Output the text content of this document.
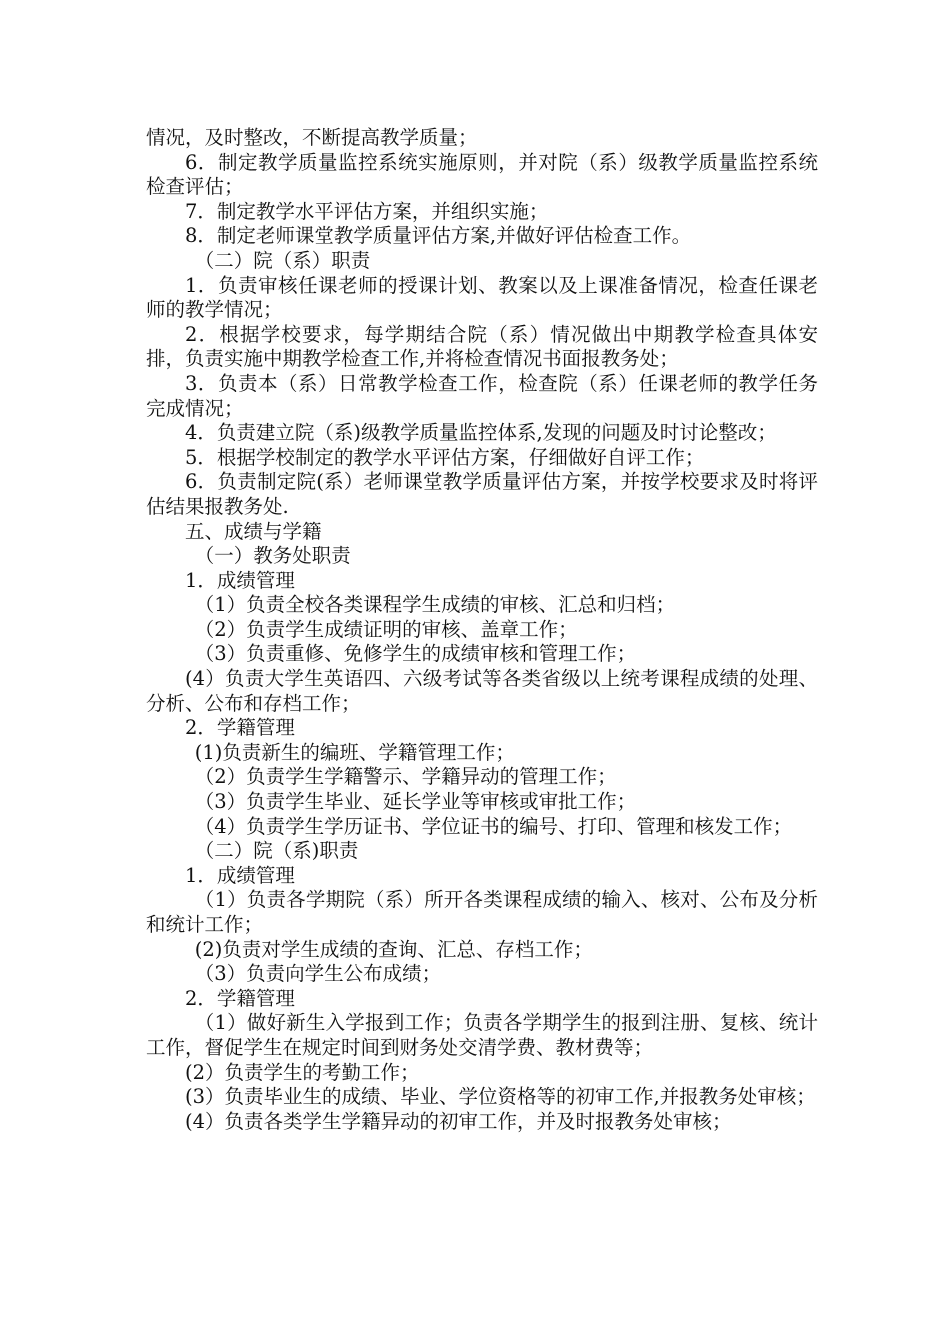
情况，及时整改，不断提高教学质量；

6．制定教学质量监控系统实施原则，并对院（系）级教学质量监控系统检查评估；

7．制定教学水平评估方案，并组织实施；

8．制定老师课堂教学质量评估方案,并做好评估检查工作。

（二）院（系）职责

1．负责审核任课老师的授课计划、教案以及上课准备情况，检查任课老师的教学情况；

2．根据学校要求，每学期结合院（系）情况做出中期教学检查具体安排，负责实施中期教学检查工作,并将检查情况书面报教务处；

3．负责本（系）日常教学检查工作，检查院（系）任课老师的教学任务完成情况；

4．负责建立院（系)级教学质量监控体系,发现的问题及时讨论整改；

5．根据学校制定的教学水平评估方案，仔细做好自评工作；

6．负责制定院(系）老师课堂教学质量评估方案，并按学校要求及时将评估结果报教务处.

五、成绩与学籍

（一）教务处职责

1．成绩管理

（1）负责全校各类课程学生成绩的审核、汇总和归档；

（2）负责学生成绩证明的审核、盖章工作；

（3）负责重修、免修学生的成绩审核和管理工作；

(4）负责大学生英语四、六级考试等各类省级以上统考课程成绩的处理、分析、公布和存档工作；

2．学籍管理

(1)负责新生的编班、学籍管理工作；

（2）负责学生学籍警示、学籍异动的管理工作；

（3）负责学生毕业、延长学业等审核或审批工作；

（4）负责学生学历证书、学位证书的编号、打印、管理和核发工作；

（二）院（系)职责

1．成绩管理

（1）负责各学期院（系）所开各类课程成绩的输入、核对、公布及分析和统计工作；

(2)负责对学生成绩的查询、汇总、存档工作；

（3）负责向学生公布成绩；

2．学籍管理

（1）做好新生入学报到工作；负责各学期学生的报到注册、复核、统计工作，督促学生在规定时间到财务处交清学费、教材费等；

(2）负责学生的考勤工作；

(3）负责毕业生的成绩、毕业、学位资格等的初审工作,并报教务处审核；

(4）负责各类学生学籍异动的初审工作，并及时报教务处审核；
